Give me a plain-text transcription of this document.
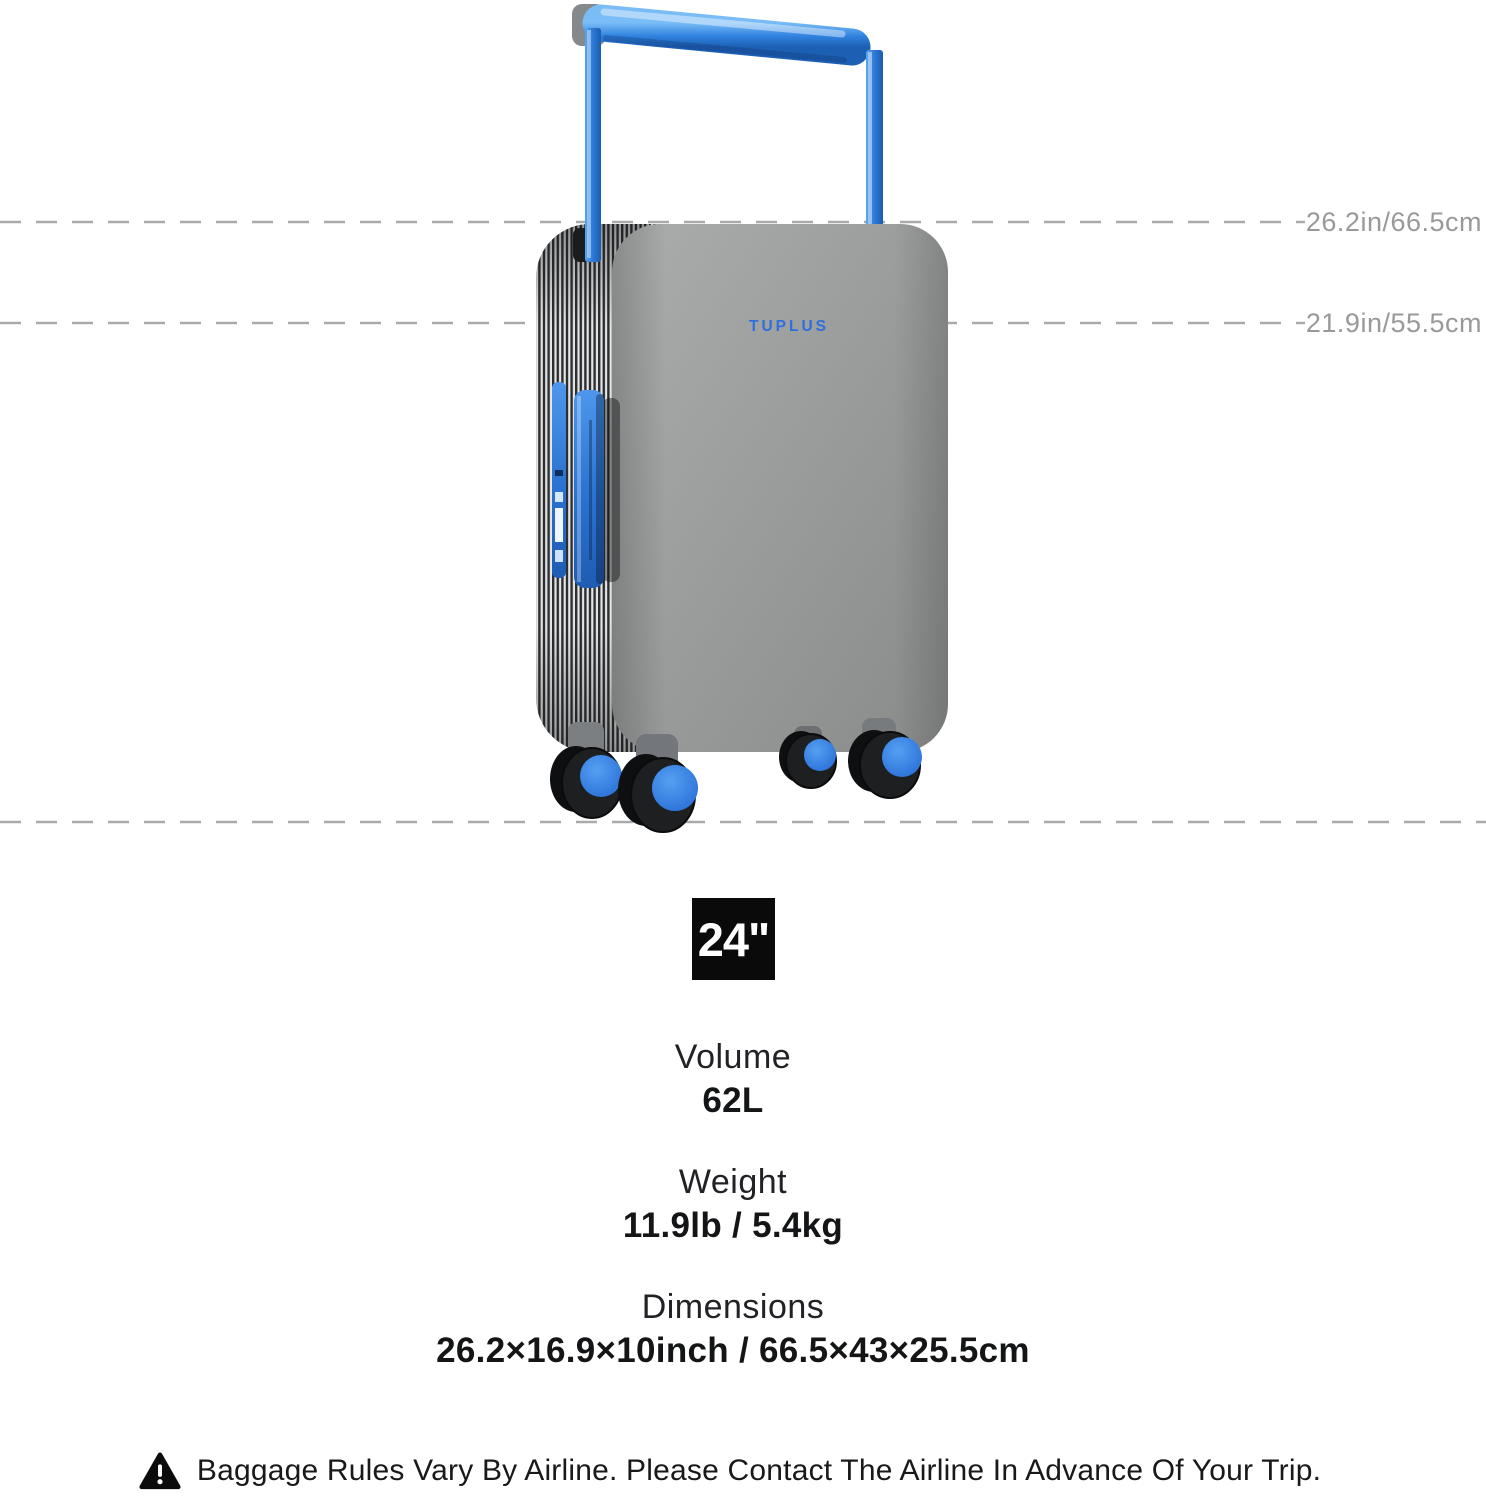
TUPLUS
26.2in/66.5cm
21.9in/55.5cm
24"
Volume
62L
Weight
11.9lb / 5.4kg
Dimensions
26.2×16.9×10inch / 66.5×43×25.5cm
Baggage Rules Vary By Airline. Please Contact The Airline In Advance Of Your Trip.
